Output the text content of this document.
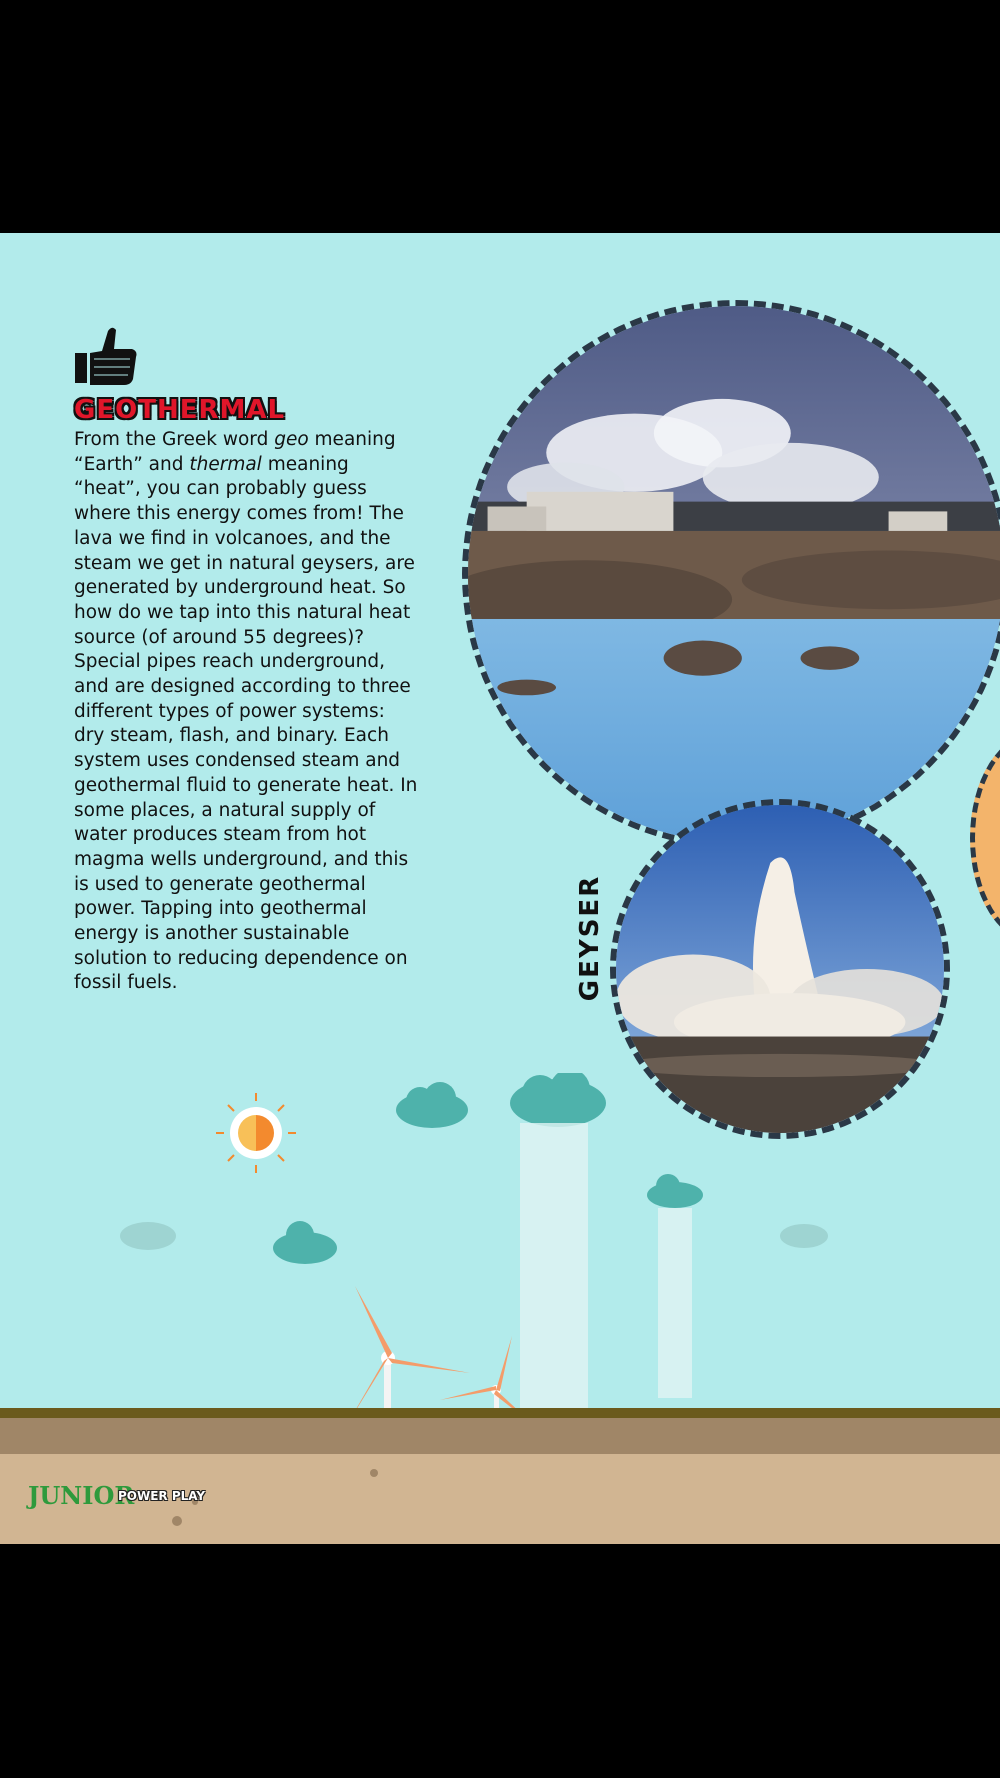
GEOTHERMAL

From the Greek word geo meaning “Earth” and thermal meaning “heat”, you can probably guess where this energy comes from! The lava we find in volcanoes, and the steam we get in natural geysers, are generated by underground heat. So how do we tap into this natural heat source (of around 55 degrees)? Special pipes reach underground, and are designed according to three different types of power systems: dry steam, flash, and binary. Each system uses condensed steam and geothermal fluid to generate heat. In some places, a natural supply of water produces steam from hot magma wells underground, and this is used to generate geothermal power. Tapping into geothermal energy is another sustainable solution to reducing dependence on fossil fuels.	GEYSER
JUNIOR
POWER PLAY
